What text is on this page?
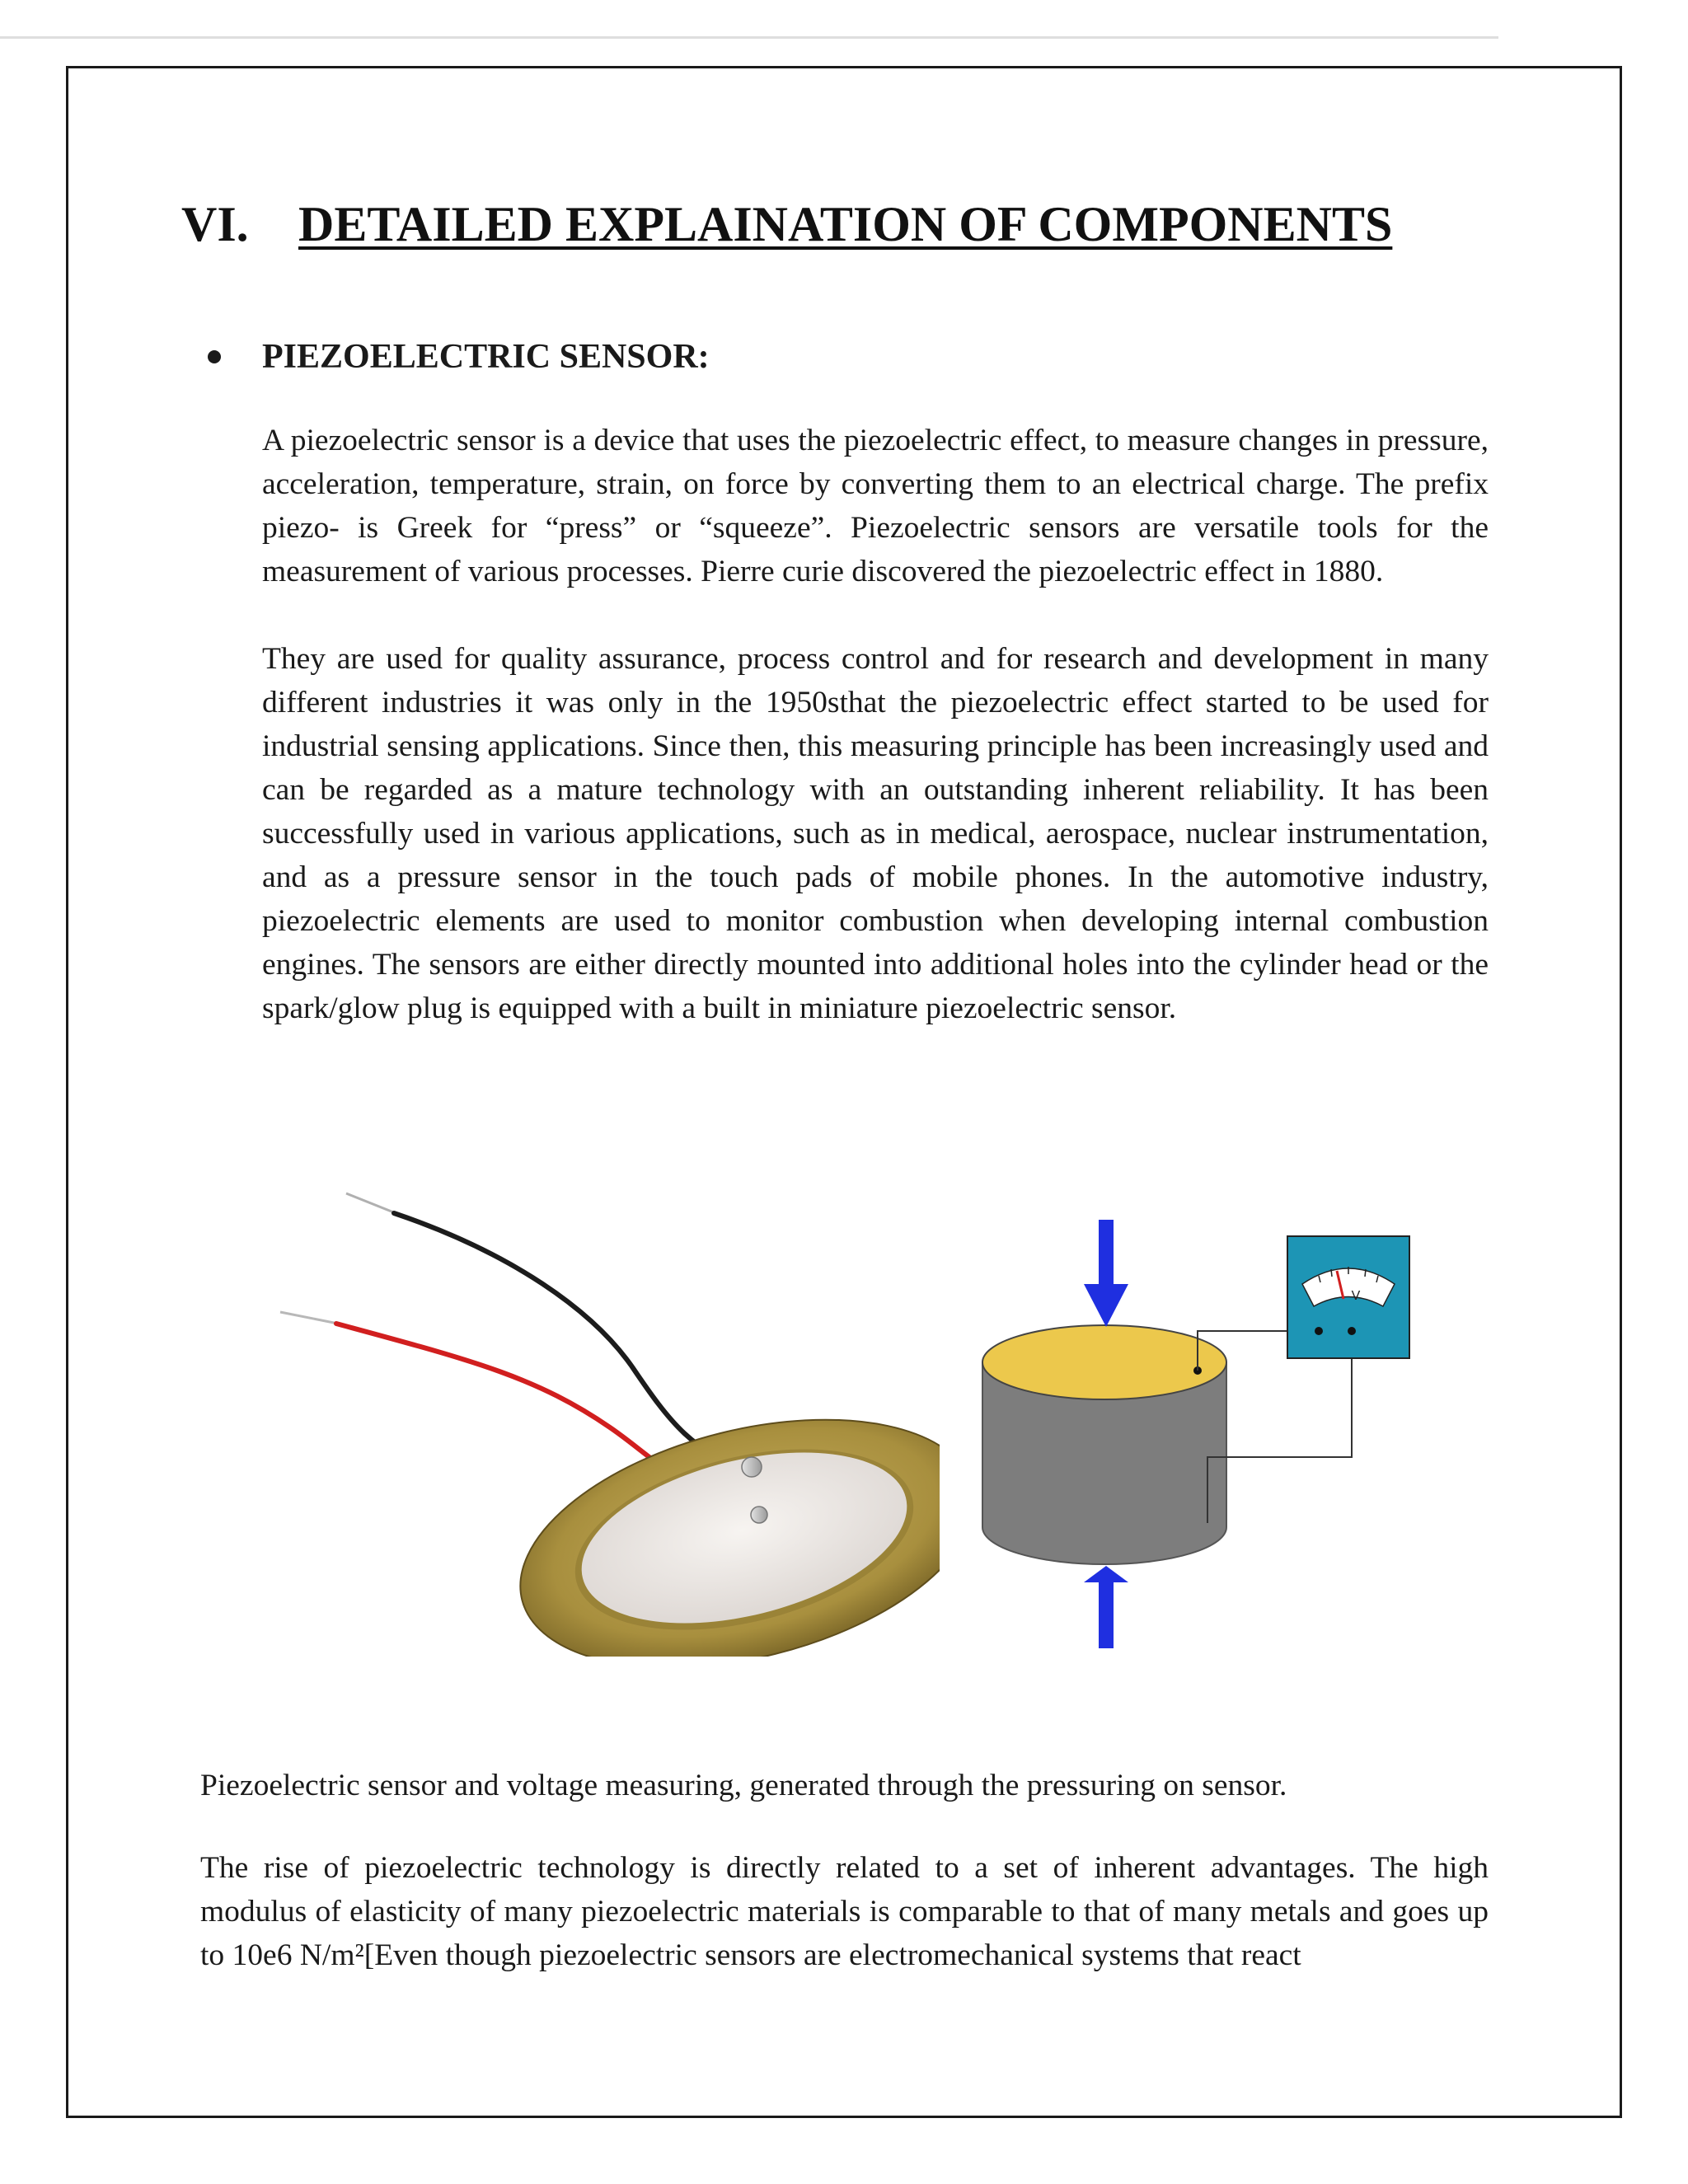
VI. DETAILED EXPLAINATION OF COMPONENTS
PIEZOELECTRIC SENSOR:

A piezoelectric sensor is a device that uses the piezoelectric effect, to measure changes in pressure, acceleration, temperature, strain, on force by converting them to an electrical charge. The prefix piezo- is Greek for “press” or “squeeze”. Piezoelectric sensors are versatile tools for the measurement of various processes. Pierre curie discovered the piezoelectric effect in 1880.

They are used for quality assurance, process control and for research and development in many different industries it was only in the 1950sthat the piezoelectric effect started to be used for industrial sensing applications. Since then, this measuring principle has been increasingly used and can be regarded as a mature technology with an outstanding inherent reliability. It has been successfully used in various applications, such as in medical, aerospace, nuclear instrumentation, and as a pressure sensor in the touch pads of mobile phones. In the automotive industry, piezoelectric elements are used to monitor combustion when developing internal combustion engines. The sensors are either directly mounted into additional holes into the cylinder head or the spark/glow plug is equipped with a built in miniature piezoelectric sensor.

V

Piezoelectric sensor and voltage measuring, generated through the pressuring on sensor.

The rise of piezoelectric technology is directly related to a set of inherent advantages. The high modulus of elasticity of many piezoelectric materials is comparable to that of many metals and goes up to 10e6 N/m²[Even though piezoelectric sensors are electromechanical systems that react
